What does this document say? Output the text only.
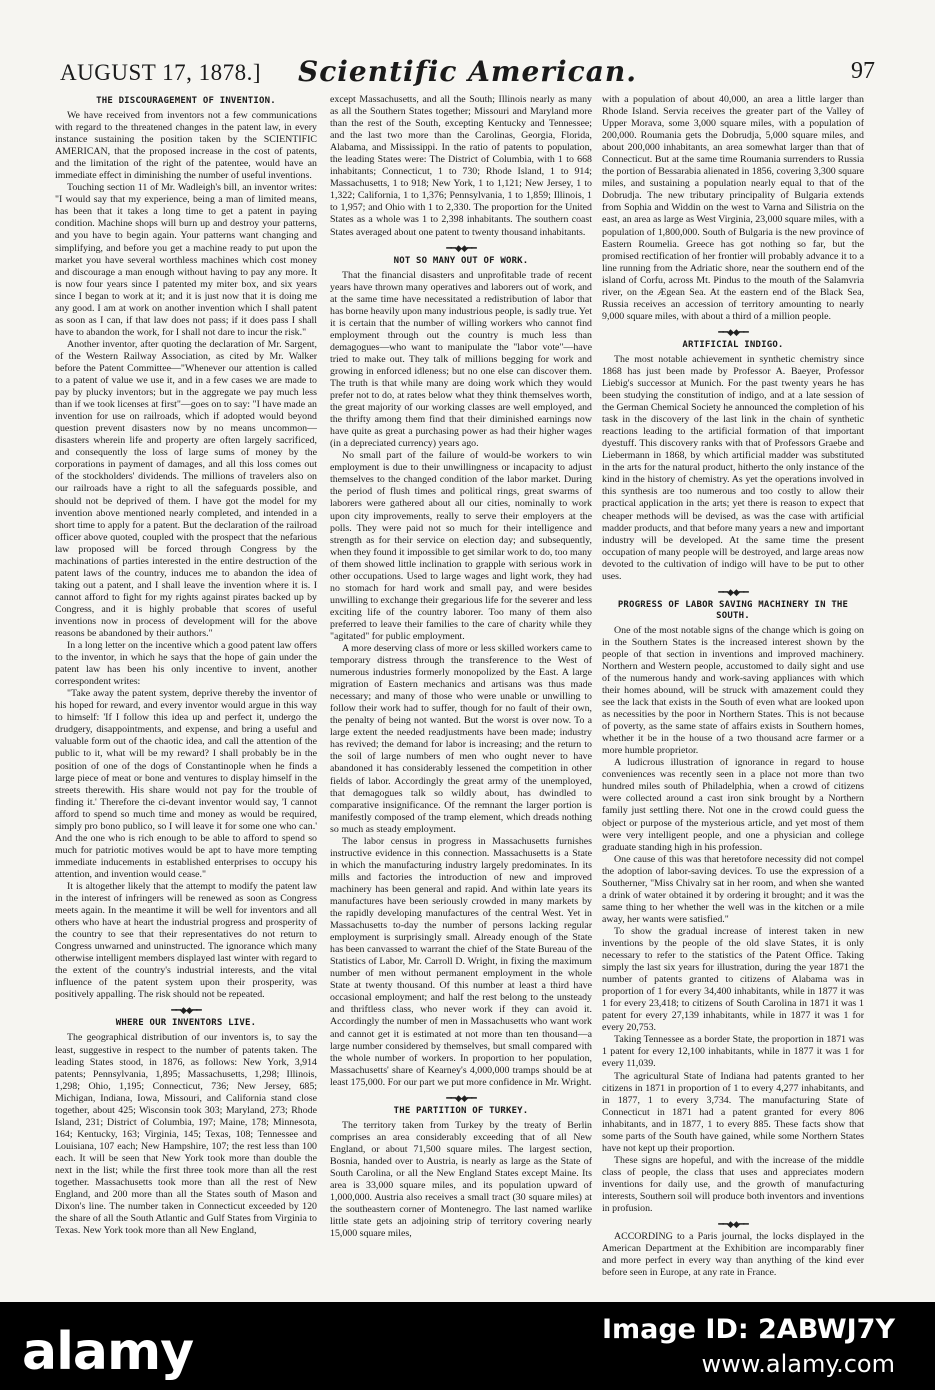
AUGUST 17, 1878.]	Scientific American.	97
THE DISCOURAGEMENT OF INVENTION.

We have received from inventors not a few communications with regard to the threatened changes in the patent law, in every instance sustaining the position taken by the SCIENTIFIC AMERICAN, that the proposed increase in the cost of patents, and the limitation of the right of the patentee, would have an immediate effect in diminishing the number of useful inventions.

Touching section 11 of Mr. Wadleigh's bill, an inventor writes: "I would say that my experience, being a man of limited means, has been that it takes a long time to get a patent in paying condition. Machine shops will burn up and destroy your patterns, and you have to begin again. Your patterns want changing and simplifying, and before you get a machine ready to put upon the market you have several worthless machines which cost money and discourage a man enough without having to pay any more. It is now four years since I patented my miter box, and six years since I began to work at it; and it is just now that it is doing me any good. I am at work on another invention which I shall patent as soon as I can, if that law does not pass; if it does pass I shall have to abandon the work, for I shall not dare to incur the risk."

Another inventor, after quoting the declaration of Mr. Sargent, of the Western Railway Association, as cited by Mr. Walker before the Patent Committee—"Whenever our attention is called to a patent of value we use it, and in a few cases we are made to pay by plucky inventors; but in the aggregate we pay much less than if we took licenses at first"—goes on to say: "I have made an invention for use on railroads, which if adopted would beyond question prevent disasters now by no means uncommon—disasters wherein life and property are often largely sacrificed, and consequently the loss of large sums of money by the corporations in payment of damages, and all this loss comes out of the stockholders' dividends. The millions of travelers also on our railroads have a right to all the safeguards possible, and should not be deprived of them. I have got the model for my invention above mentioned nearly completed, and intended in a short time to apply for a patent. But the declaration of the railroad officer above quoted, coupled with the prospect that the nefarious law proposed will be forced through Congress by the machinations of parties interested in the entire destruction of the patent laws of the country, induces me to abandon the idea of taking out a patent, and I shall leave the invention where it is. I cannot afford to fight for my rights against pirates backed up by Congress, and it is highly probable that scores of useful inventions now in process of development will for the above reasons be abandoned by their authors."

In a long letter on the incentive which a good patent law offers to the inventor, in which he says that the hope of gain under the patent law has been his only incentive to invent, another correspondent writes:

"Take away the patent system, deprive thereby the inventor of his hoped for reward, and every inventor would argue in this way to himself: 'If I follow this idea up and perfect it, undergo the drudgery, disappointments, and expense, and bring a useful and valuable form out of the chaotic idea, and call the attention of the public to it, what will be my reward? I shall probably be in the position of one of the dogs of Constantinople when he finds a large piece of meat or bone and ventures to display himself in the streets therewith. His share would not pay for the trouble of finding it.' Therefore the ci-devant inventor would say, 'I cannot afford to spend so much time and money as would be required, simply pro bono publico, so I will leave it for some one who can.' And the one who is rich enough to be able to afford to spend so much for patriotic motives would be apt to have more tempting immediate inducements in established enterprises to occupy his attention, and invention would cease."

It is altogether likely that the attempt to modify the patent law in the interest of infringers will be renewed as soon as Congress meets again. In the meantime it will be well for inventors and all others who have at heart the industrial progress and prosperity of the country to see that their representatives do not return to Congress unwarned and uninstructed. The ignorance which many otherwise intelligent members displayed last winter with regard to the extent of the country's industrial interests, and the vital influence of the patent system upon their prosperity, was positively appalling. The risk should not be repeated.

━━◆◆━━
WHERE OUR INVENTORS LIVE.

The geographical distribution of our inventors is, to say the least, suggestive in respect to the number of patents taken. The leading States stood, in 1876, as follows: New York, 3,914 patents; Pennsylvania, 1,895; Massachusetts, 1,298; Illinois, 1,298; Ohio, 1,195; Connecticut, 736; New Jersey, 685; Michigan, Indiana, Iowa, Missouri, and California stand close together, about 425; Wisconsin took 303; Maryland, 273; Rhode Island, 231; District of Columbia, 197; Maine, 178; Minnesota, 164; Kentucky, 163; Virginia, 145; Texas, 108; Tennessee and Louisiana, 107 each; New Hampshire, 107; the rest less than 100 each. It will be seen that New York took more than double the next in the list; while the first three took more than all the rest together. Massachusetts took more than all the rest of New England, and 200 more than all the States south of Mason and Dixon's line. The number taken in Connecticut exceeded by 120 the share of all the South Atlantic and Gulf States from Virginia to Texas. New York took more than all New England,

except Massachusetts, and all the South; Illinois nearly as many as all the Southern States together; Missouri and Maryland more than the rest of the South, excepting Kentucky and Tennessee; and the last two more than the Carolinas, Georgia, Florida, Alabama, and Mississippi. In the ratio of patents to population, the leading States were: The District of Columbia, with 1 to 668 inhabitants; Connecticut, 1 to 730; Rhode Island, 1 to 914; Massachusetts, 1 to 918; New York, 1 to 1,121; New Jersey, 1 to 1,322; California, 1 to 1,376; Pennsylvania, 1 to 1,859; Illinois, 1 to 1,957; and Ohio with 1 to 2,330. The proportion for the United States as a whole was 1 to 2,398 inhabitants. The southern coast States averaged about one patent to twenty thousand inhabitants.

━━◆◆━━
NOT SO MANY OUT OF WORK.

That the financial disasters and unprofitable trade of recent years have thrown many operatives and laborers out of work, and at the same time have necessitated a redistribution of labor that has borne heavily upon many industrious people, is sadly true. Yet it is certain that the number of willing workers who cannot find employment through out the country is much less than demagogues—who want to manipulate the "labor vote"—have tried to make out. They talk of millions begging for work and growing in enforced idleness; but no one else can discover them. The truth is that while many are doing work which they would prefer not to do, at rates below what they think themselves worth, the great majority of our working classes are well employed, and the thrifty among them find that their diminished earnings now have quite as great a purchasing power as had their higher wages (in a depreciated currency) years ago.

No small part of the failure of would-be workers to win employment is due to their unwillingness or incapacity to adjust themselves to the changed condition of the labor market. During the period of flush times and political rings, great swarms of laborers were gathered about all our cities, nominally to work upon city improvements, really to serve their employers at the polls. They were paid not so much for their intelligence and strength as for their service on election day; and subsequently, when they found it impossible to get similar work to do, too many of them showed little inclination to grapple with serious work in other occupations. Used to large wages and light work, they had no stomach for hard work and small pay, and were besides unwilling to exchange their gregarious life for the severer and less exciting life of the country laborer. Too many of them also preferred to leave their families to the care of charity while they "agitated" for public employment.

A more deserving class of more or less skilled workers came to temporary distress through the transference to the West of numerous industries formerly monopolized by the East. A large migration of Eastern mechanics and artisans was thus made necessary; and many of those who were unable or unwilling to follow their work had to suffer, though for no fault of their own, the penalty of being not wanted. But the worst is over now. To a large extent the needed readjustments have been made; industry has revived; the demand for labor is increasing; and the return to the soil of large numbers of men who ought never to have abandoned it has considerably lessened the competition in other fields of labor. Accordingly the great army of the unemployed, that demagogues talk so wildly about, has dwindled to comparative insignificance. Of the remnant the larger portion is manifestly composed of the tramp element, which dreads nothing so much as steady employment.

The labor census in progress in Massachusetts furnishes instructive evidence in this connection. Massachusetts is a State in which the manufacturing industry largely predominates. In its mills and factories the introduction of new and improved machinery has been general and rapid. And within late years its manufactures have been seriously crowded in many markets by the rapidly developing manufactures of the central West. Yet in Massachusetts to-day the number of persons lacking regular employment is surprisingly small. Already enough of the State has been canvassed to warrant the chief of the State Bureau of the Statistics of Labor, Mr. Carroll D. Wright, in fixing the maximum number of men without permanent employment in the whole State at twenty thousand. Of this number at least a third have occasional employment; and half the rest belong to the unsteady and thriftless class, who never work if they can avoid it. Accordingly the number of men in Massachusetts who want work and cannot get it is estimated at not more than ten thousand—a large number considered by themselves, but small compared with the whole number of workers. In proportion to her population, Massachusetts' share of Kearney's 4,000,000 tramps should be at least 175,000. For our part we put more confidence in Mr. Wright.

━━◆◆━━
THE PARTITION OF TURKEY.

The territory taken from Turkey by the treaty of Berlin comprises an area considerably exceeding that of all New England, or about 71,500 square miles. The largest section, Bosnia, handed over to Austria, is nearly as large as the State of South Carolina, or all the New England States except Maine. Its area is 33,000 square miles, and its population upward of 1,000,000. Austria also receives a small tract (30 square miles) at the southeastern corner of Montenegro. The last named warlike little state gets an adjoining strip of territory covering nearly 15,000 square miles,

with a population of about 40,000, an area a little larger than Rhode Island. Servia receives the greater part of the Valley of Upper Morava, some 3,000 square miles, with a population of 200,000. Roumania gets the Dobrudja, 5,000 square miles, and about 200,000 inhabitants, an area somewhat larger than that of Connecticut. But at the same time Roumania surrenders to Russia the portion of Bessarabia alienated in 1856, covering 3,300 square miles, and sustaining a population nearly equal to that of the Dobrudja. The new tributary principality of Bulgaria extends from Sophia and Widdin on the west to Varna and Silistria on the east, an area as large as West Virginia, 23,000 square miles, with a population of 1,800,000. South of Bulgaria is the new province of Eastern Roumelia. Greece has got nothing so far, but the promised rectification of her frontier will probably advance it to a line running from the Adriatic shore, near the southern end of the island of Corfu, across Mt. Pindus to the mouth of the Salamvria river, on the Ægean Sea. At the eastern end of the Black Sea, Russia receives an accession of territory amounting to nearly 9,000 square miles, with about a third of a million people.

━━◆◆━━
ARTIFICIAL INDIGO.

The most notable achievement in synthetic chemistry since 1868 has just been made by Professor A. Baeyer, Professor Liebig's successor at Munich. For the past twenty years he has been studying the constitution of indigo, and at a late session of the German Chemical Society he announced the completion of his task in the discovery of the last link in the chain of synthetic reactions leading to the artificial formation of that important dyestuff. This discovery ranks with that of Professors Graebe and Liebermann in 1868, by which artificial madder was substituted in the arts for the natural product, hitherto the only instance of the kind in the history of chemistry. As yet the operations involved in this synthesis are too numerous and too costly to allow their practical application in the arts; yet there is reason to expect that cheaper methods will be devised, as was the case with artificial madder products, and that before many years a new and important industry will be developed. At the same time the present occupation of many people will be destroyed, and large areas now devoted to the cultivation of indigo will have to be put to other uses.

━━◆◆━━
PROGRESS OF LABOR SAVING MACHINERY IN THE SOUTH.

One of the most notable signs of the change which is going on in the Southern States is the increased interest shown by the people of that section in inventions and improved machinery. Northern and Western people, accustomed to daily sight and use of the numerous handy and work-saving appliances with which their homes abound, will be struck with amazement could they see the lack that exists in the South of even what are looked upon as necessities by the poor in Northern States. This is not because of poverty, as the same state of affairs exists in Southern homes, whether it be in the house of a two thousand acre farmer or a more humble proprietor.

A ludicrous illustration of ignorance in regard to house conveniences was recently seen in a place not more than two hundred miles south of Philadelphia, when a crowd of citizens were collected around a cast iron sink brought by a Northern family just settling there. Not one in the crowd could guess the object or purpose of the mysterious article, and yet most of them were very intelligent people, and one a physician and college graduate standing high in his profession.

One cause of this was that heretofore necessity did not compel the adoption of labor-saving devices. To use the expression of a Southerner, "Miss Chivalry sat in her room, and when she wanted a drink of water obtained it by ordering it brought; and it was the same thing to her whether the well was in the kitchen or a mile away, her wants were satisfied."

To show the gradual increase of interest taken in new inventions by the people of the old slave States, it is only necessary to refer to the statistics of the Patent Office. Taking simply the last six years for illustration, during the year 1871 the number of patents granted to citizens of Alabama was in proportion of 1 for every 34,400 inhabitants, while in 1877 it was 1 for every 23,418; to citizens of South Carolina in 1871 it was 1 patent for every 27,139 inhabitants, while in 1877 it was 1 for every 20,753.

Taking Tennessee as a border State, the proportion in 1871 was 1 patent for every 12,100 inhabitants, while in 1877 it was 1 for every 11,039.

The agricultural State of Indiana had patents granted to her citizens in 1871 in proportion of 1 to every 4,277 inhabitants, and in 1877, 1 to every 3,734. The manufacturing State of Connecticut in 1871 had a patent granted for every 806 inhabitants, and in 1877, 1 to every 885. These facts show that some parts of the South have gained, while some Northern States have not kept up their proportion.

These signs are hopeful, and with the increase of the middle class of people, the class that uses and appreciates modern inventions for daily use, and the growth of manufacturing interests, Southern soil will produce both inventors and inventions in profusion.

━━◆◆━━

ACCORDING to a Paris journal, the locks displayed in the American Department at the Exhibition are incomparably finer and more perfect in every way than anything of the kind ever before seen in Europe, at any rate in France.

alamy	Image ID: 2ABWJ7Y
www.alamy.com
